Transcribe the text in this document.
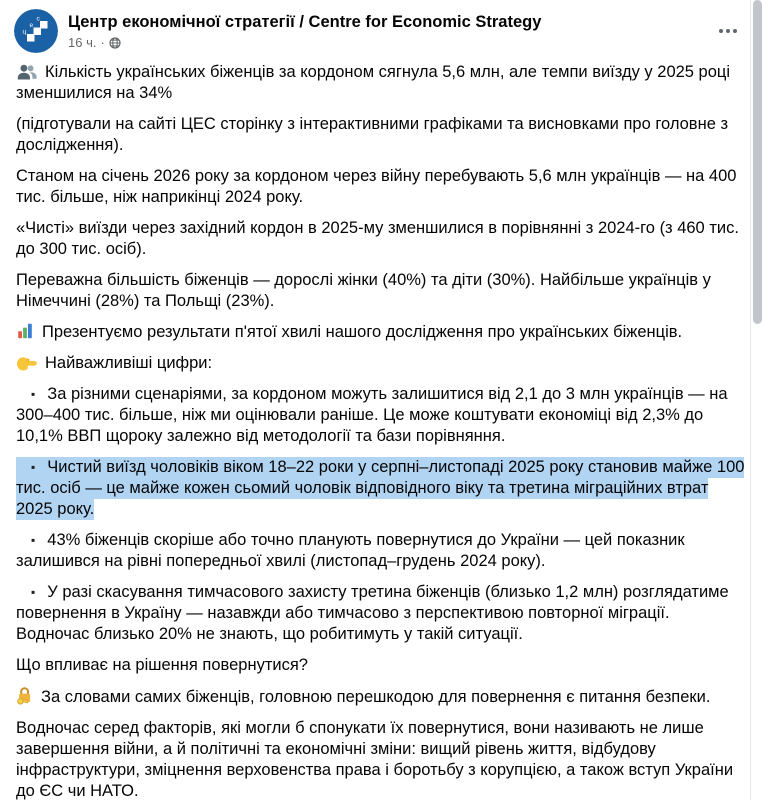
ц
е
с Центр економічної стратегії / Centre for Economic Strategy
16 ч. ·

Кількість українських біженців за кордоном сягнула 5,6 млн, але темпи виїзду у 2025 році зменшилися на 34%

(підготували на сайті ЦЕС сторінку з інтерактивними графіками та висновками про головне з дослідження).

Станом на січень 2026 року за кордоном через війну перебувають 5,6 млн українців — на 400 тис. більше, ніж наприкінці 2024 року.

«Чисті» виїзди через західний кордон в 2025-му зменшилися в порівнянні з 2024-го (з 460 тис. до 300 тис. осіб).

Переважна більшість біженців — дорослі жінки (40%) та діти (30%). Найбільше українців у Німеччині (28%) та Польщі (23%).

Презентуємо результати п'ятої хвилі нашого дослідження про українських біженців.

Найважливіші цифри:

▪ За різними сценаріями, за кордоном можуть залишитися від 2,1 до 3 млн українців — на 300–400 тис. більше, ніж ми оцінювали раніше. Це може коштувати економіці від 2,3% до 10,1% ВВП щороку залежно від методології та бази порівняння.

▪ Чистий виїзд чоловіків віком 18–22 роки у серпні–листопаді 2025 року становив майже 100 тис. осіб — це майже кожен сьомий чоловік відповідного віку та третина міграційних втрат 2025 року.

▪ 43% біженців скоріше або точно планують повернутися до України — цей показник залишився на рівні попередньої хвилі (листопад–грудень 2024 року).

▪ У разі скасування тимчасового захисту третина біженців (близько 1,2 млн) розглядатиме повернення в Україну — назавжди або тимчасово з перспективою повторної міграції. Водночас близько 20% не знають, що робитимуть у такій ситуації.

Що впливає на рішення повернутися?

За словами самих біженців, головною перешкодою для повернення є питання безпеки.

Водночас серед факторів, які могли б спонукати їх повернутися, вони називають не лише завершення війни, а й політичні та економічні зміни: вищий рівень життя, відбудову інфраструктури, зміцнення верховенства права і боротьбу з корупцією, а також вступ України до ЄС чи НАТО.
